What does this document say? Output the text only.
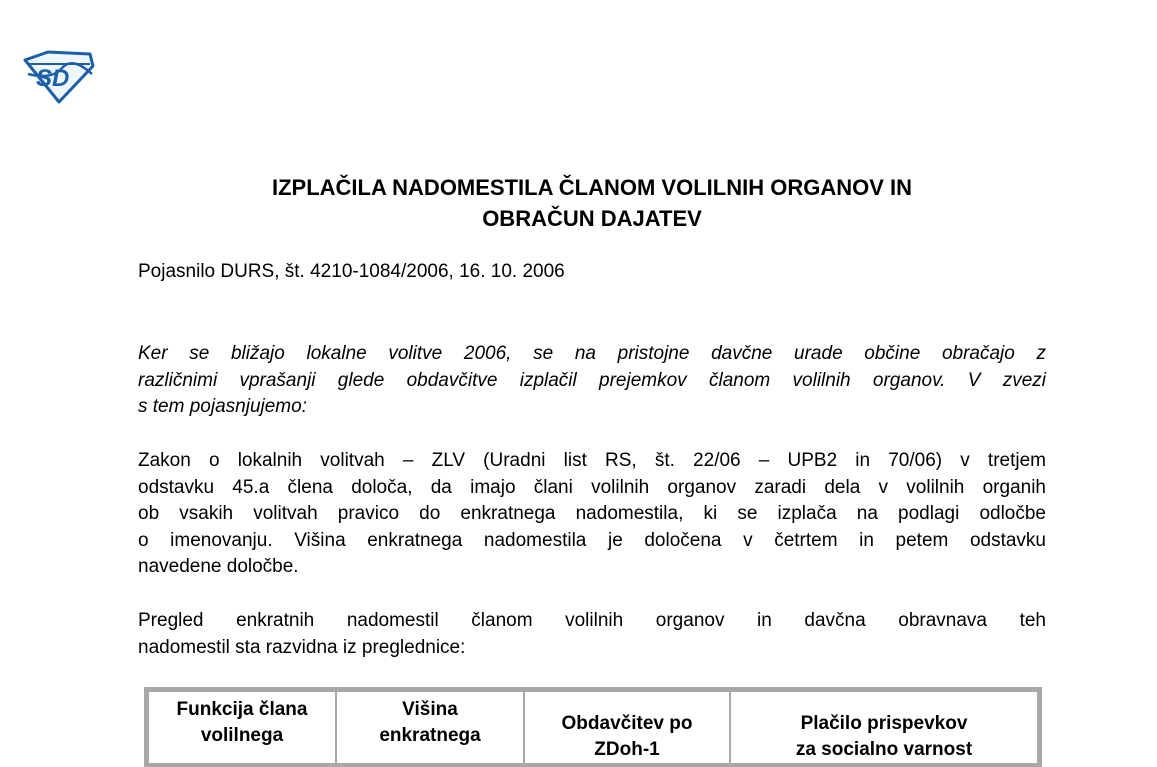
SD
IZPLAČILA NADOMESTILA ČLANOM VOLILNIH ORGANOV IN
OBRAČUN DAJATEV
Pojasnilo DURS, št. 4210-1084/2006, 16. 10. 2006
Ker se bližajo lokalne volitve 2006, se na pristojne davčne urade občine obračajo z
različnimi vprašanji glede obdavčitve izplačil prejemkov članom volilnih organov. V zvezi
s tem pojasnjujemo:
Zakon o lokalnih volitvah – ZLV (Uradni list RS, št. 22/06 – UPB2 in 70/06) v tretjem
odstavku 45.a člena določa, da imajo člani volilnih organov zaradi dela v volilnih organih
ob vsakih volitvah pravico do enkratnega nadomestila, ki se izplača na podlagi odločbe
o imenovanju. Višina enkratnega nadomestila je določena v četrtem in petem odstavku
navedene določbe.
Pregled enkratnih nadomestil članom volilnih organov in davčna obravnava teh
nadomestil sta razvidna iz preglednice:
Funkcija člana
volilnega

Višina
enkratnega

Obdavčitev po
ZDoh-1

Plačilo prispevkov
za socialno varnost
